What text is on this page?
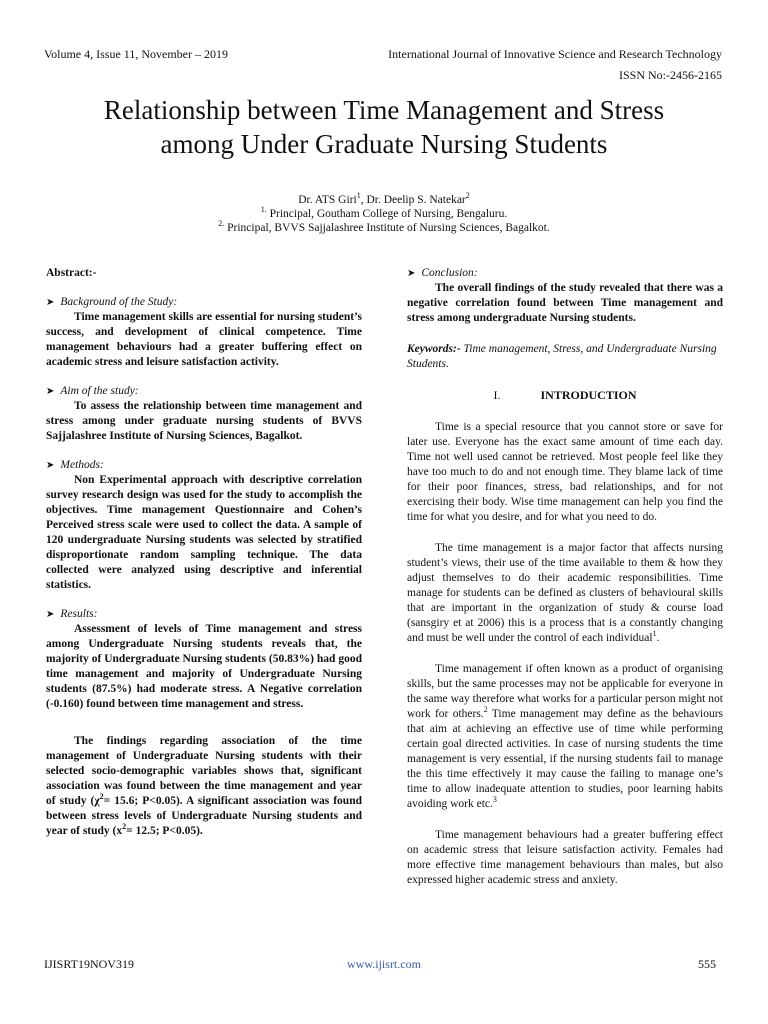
Volume 4, Issue 11, November – 2019	International Journal of Innovative Science and Research Technology
ISSN No:-2456-2165
Relationship between Time Management and Stress
among Under Graduate Nursing Students
Dr. ATS Giri$^1$, Dr. Deelip S. Natekar$^2$
$^{1.}$ Principal, Goutham College of Nursing, Bengaluru.
$^{2.}$ Principal, BVVS Sajjalashree Institute of Nursing Sciences, Bagalkot.

Abstract:-

➤ Background of the Study:

Time management skills are essential for nursing student’s success, and development of clinical competence. Time management behaviours had a greater buffering effect on academic stress and leisure satisfaction activity.

➤ Aim of the study:

To assess the relationship between time management and stress among under graduate nursing students of BVVS Sajjalashree Institute of Nursing Sciences, Bagalkot.

➤ Methods:

Non Experimental approach with descriptive correlation survey research design was used for the study to accomplish the objectives. Time management Questionnaire and Cohen’s Perceived stress scale were used to collect the data. A sample of 120 undergraduate Nursing students was selected by stratified disproportionate random sampling technique. The data collected were analyzed using descriptive and inferential statistics.

➤ Results:

Assessment of levels of Time management and stress among Undergraduate Nursing students reveals that, the majority of Undergraduate Nursing students (50.83%) had good time management and majority of Undergraduate Nursing students (87.5%) had moderate stress. A Negative correlation (-0.160) found between time management and stress.

The findings regarding association of the time management of Undergraduate Nursing students with their selected socio-demographic variables shows that, significant association was found between the time management and year of study ($\chi^2= 15.6$; P<0.05). A significant association was found between stress levels of Undergraduate Nursing students and year of study ($x^2= 12.5$; P<0.05).

➤ Conclusion:

The overall findings of the study revealed that there was a negative correlation found between Time management and stress among undergraduate Nursing students.

Keywords:- Time management, Stress, and Undergraduate Nursing Students.

I.	INTRODUCTION

Time is a special resource that you cannot store or save for later use. Everyone has the exact same amount of time each day. Time not well used cannot be retrieved. Most people feel like they have too much to do and not enough time. They blame lack of time for their poor finances, stress, bad relationships, and for not exercising their body. Wise time management can help you find the time for what you desire, and for what you need to do.

The time management is a major factor that affects nursing student’s views, their use of the time available to them & how they adjust themselves to do their academic responsibilities. Time manage for students can be defined as clusters of behavioural skills that are important in the organization of study & course load (sansgiry et at 2006) this is a process that is a constantly changing and must be well under the control of each individual$^1$.

Time management if often known as a product of organising skills, but the same processes may not be applicable for everyone in the same way therefore what works for a particular person might not work for others.$^2$ Time management may define as the behaviours that aim at achieving an effective use of time while performing certain goal directed activities. In case of nursing students the time management is very essential, if the nursing students fail to manage the this time effectively it may cause the failing to manage one’s time to allow inadequate attention to studies, poor learning habits avoiding work etc.$^3$

Time management behaviours had a greater buffering effect on academic stress that leisure satisfaction activity. Females had more effective time management behaviours than males, but also expressed higher academic stress and anxiety.

IJISRT19NOV319	www.ijisrt.com	555
